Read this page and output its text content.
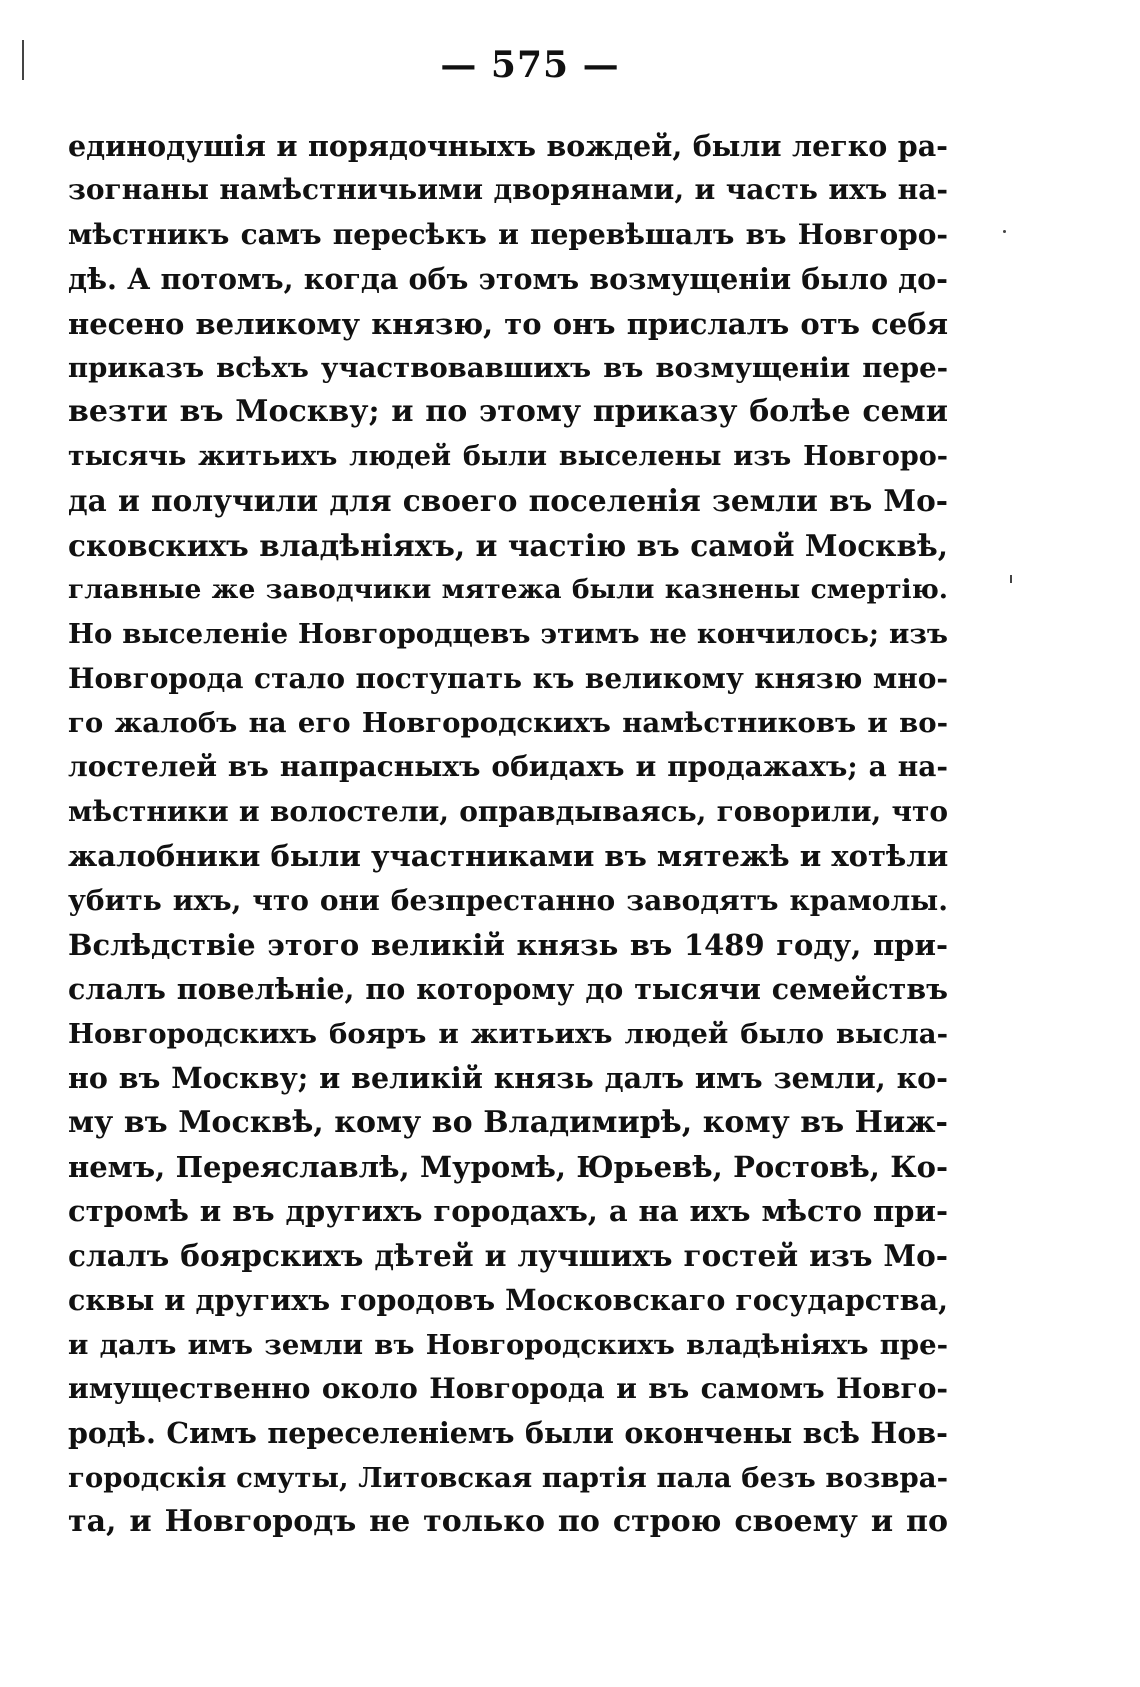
— 575 —
единодушія и порядочныхъ вождей, были легко ра-
зогнаны намѣстничьими дворянами, и часть ихъ на-
мѣстникъ самъ пересѣкъ и перевѣшалъ въ Новгоро-
дѣ. А потомъ, когда объ этомъ возмущеніи было до-
несено великому князю, то онъ прислалъ отъ себя
приказъ всѣхъ участвовавшихъ въ возмущеніи пере-
везти въ Москву; и по этому приказу болѣе семи
тысячь житьихъ людей были выселены изъ Новгоро-
да и получили для своего поселенія земли въ Мо-
сковскихъ владѣніяхъ, и частію въ самой Москвѣ,
главные же заводчики мятежа были казнены смертію.
Но выселеніе Новгородцевъ этимъ не кончилось; изъ
Новгорода стало поступать къ великому князю мно-
го жалобъ на его Новгородскихъ намѣстниковъ и во-
лостелей въ напрасныхъ обидахъ и продажахъ; а на-
мѣстники и волостели, оправдываясь, говорили, что
жалобники были участниками въ мятежѣ и хотѣли
убить ихъ, что они безпрестанно заводятъ крамолы.
Вслѣдствіе этого великій князь въ 1489 году, при-
слалъ повелѣніе, по которому до тысячи семействъ
Новгородскихъ бояръ и житьихъ людей было высла-
но въ Москву; и великій князь далъ имъ земли, ко-
му въ Москвѣ, кому во Владимирѣ, кому въ Ниж-
немъ, Переяславлѣ, Муромѣ, Юрьевѣ, Ростовѣ, Ко-
стромѣ и въ другихъ городахъ, а на ихъ мѣсто при-
слалъ боярскихъ дѣтей и лучшихъ гостей изъ Мо-
сквы и другихъ городовъ Московскаго государства,
и далъ имъ земли въ Новгородскихъ владѣніяхъ пре-
имущественно около Новгорода и въ самомъ Новго-
родѣ. Симъ переселеніемъ были окончены всѣ Нов-
городскія смуты, Литовская партія пала безъ возвра-
та, и Новгородъ не только по строю своему и по
